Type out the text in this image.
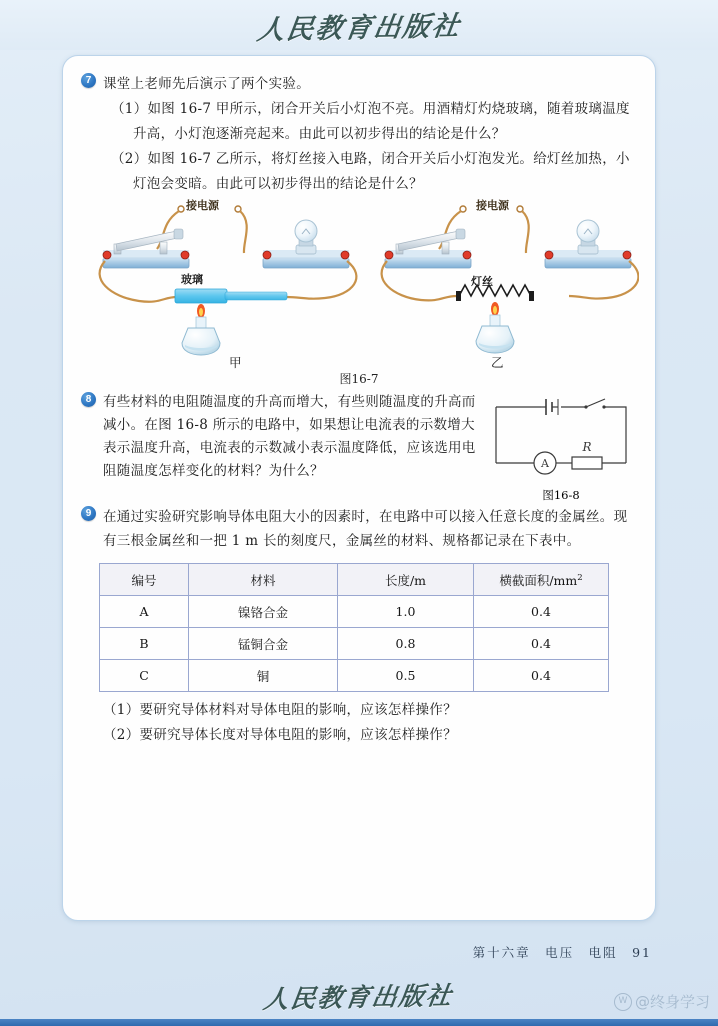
人民教育出版社
7 课堂上老师先后演示了两个实验。
（1）如图 16-7 甲所示，闭合开关后小灯泡不亮。用酒精灯灼烧玻璃，随着玻璃温度升高，小灯泡逐渐亮起来。由此可以初步得出的结论是什么？
（2）如图 16-7 乙所示，将灯丝接入电路，闭合开关后小灯泡发光。给灯丝加热，小灯泡会变暗。由此可以初步得出的结论是什么？
接电源	接电源
玻璃	灯丝
甲	乙
图16-7
8 有些材料的电阻随温度的升高而增大，有些则随温度的升高而减小。在图 16-8 所示的电路中，如果想让电流表的示数增大表示温度升高，电流表的示数减小表示温度降低，应该选用电阻随温度怎样变化的材料？为什么？	A
R
图16-8
9 在通过实验研究影响导体电阻大小的因素时，在电路中可以接入任意长度的金属丝。现有三根金属丝和一把 1 m 长的刻度尺，金属丝的材料、规格都记录在下表中。
编号	材料	长度/m	横截面积$/mm^2$
A	镍铬合金	1.0	0.4
B	锰铜合金	0.8	0.4
C	铜	0.5	0.4
（1）要研究导体材料对导体电阻的影响，应该怎样操作？
（2）要研究导体长度对导体电阻的影响，应该怎样操作？
第十六章　电压　电阻　91
人民教育出版社	W @终身学习
